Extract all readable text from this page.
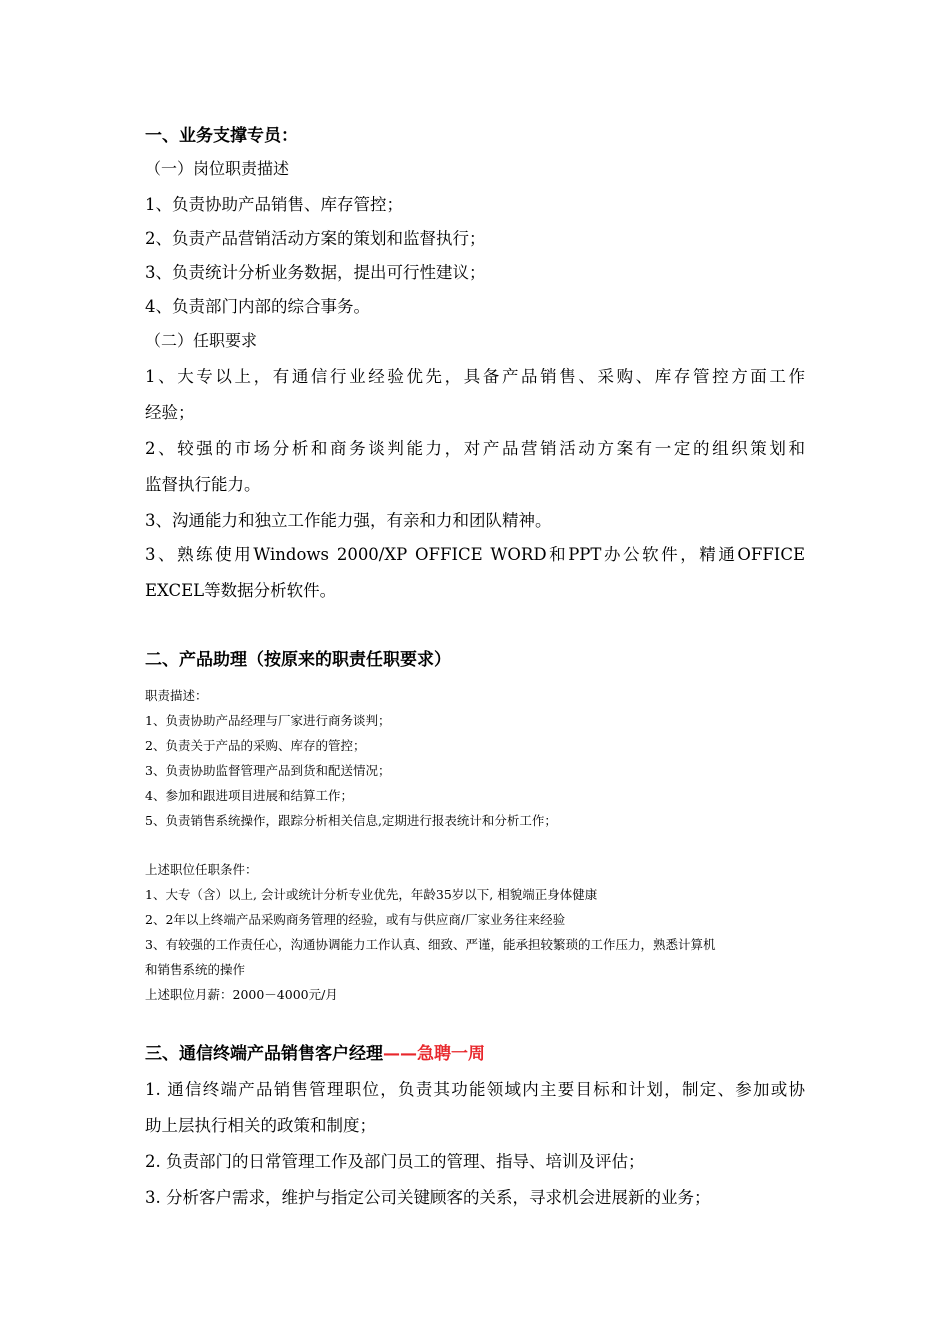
一、业务支撑专员：
（一）岗位职责描述
1、负责协助产品销售、库存管控；
2、负责产品营销活动方案的策划和监督执行；
3、负责统计分析业务数据，提出可行性建议；
4、负责部门内部的综合事务。
（二）任职要求
1、大专以上，有通信行业经验优先，具备产品销售、采购、库存管控方面工作
经验；
2、较强的市场分析和商务谈判能力，对产品营销活动方案有一定的组织策划和
监督执行能力。
3、沟通能力和独立工作能力强，有亲和力和团队精神。
3、熟练使用Windows 2000/XP OFFICE WORD和PPT办公软件，精通OFFICE
EXCEL等数据分析软件。
二、产品助理（按原来的职责任职要求）
职责描述：
1、负责协助产品经理与厂家进行商务谈判；
2、负责关于产品的采购、库存的管控；
3、负责协助监督管理产品到货和配送情况；
4、参加和跟进项目进展和结算工作；
5、负责销售系统操作，跟踪分析相关信息,定期进行报表统计和分析工作；
上述职位任职条件：
1、大专（含）以上, 会计或统计分析专业优先，年龄35岁以下, 相貌端正身体健康
2、2年以上终端产品采购商务管理的经验，或有与供应商/厂家业务往来经验
3、有较强的工作责任心，沟通协调能力工作认真、细致、严谨，能承担较繁琐的工作压力，熟悉计算机
和销售系统的操作
上述职位月薪：2000－4000元/月
三、通信终端产品销售客户经理——急聘一周
1. 通信终端产品销售管理职位，负责其功能领域内主要目标和计划，制定、参加或协
助上层执行相关的政策和制度；
2. 负责部门的日常管理工作及部门员工的管理、指导、培训及评估；
3. 分析客户需求，维护与指定公司关键顾客的关系，寻求机会进展新的业务；
